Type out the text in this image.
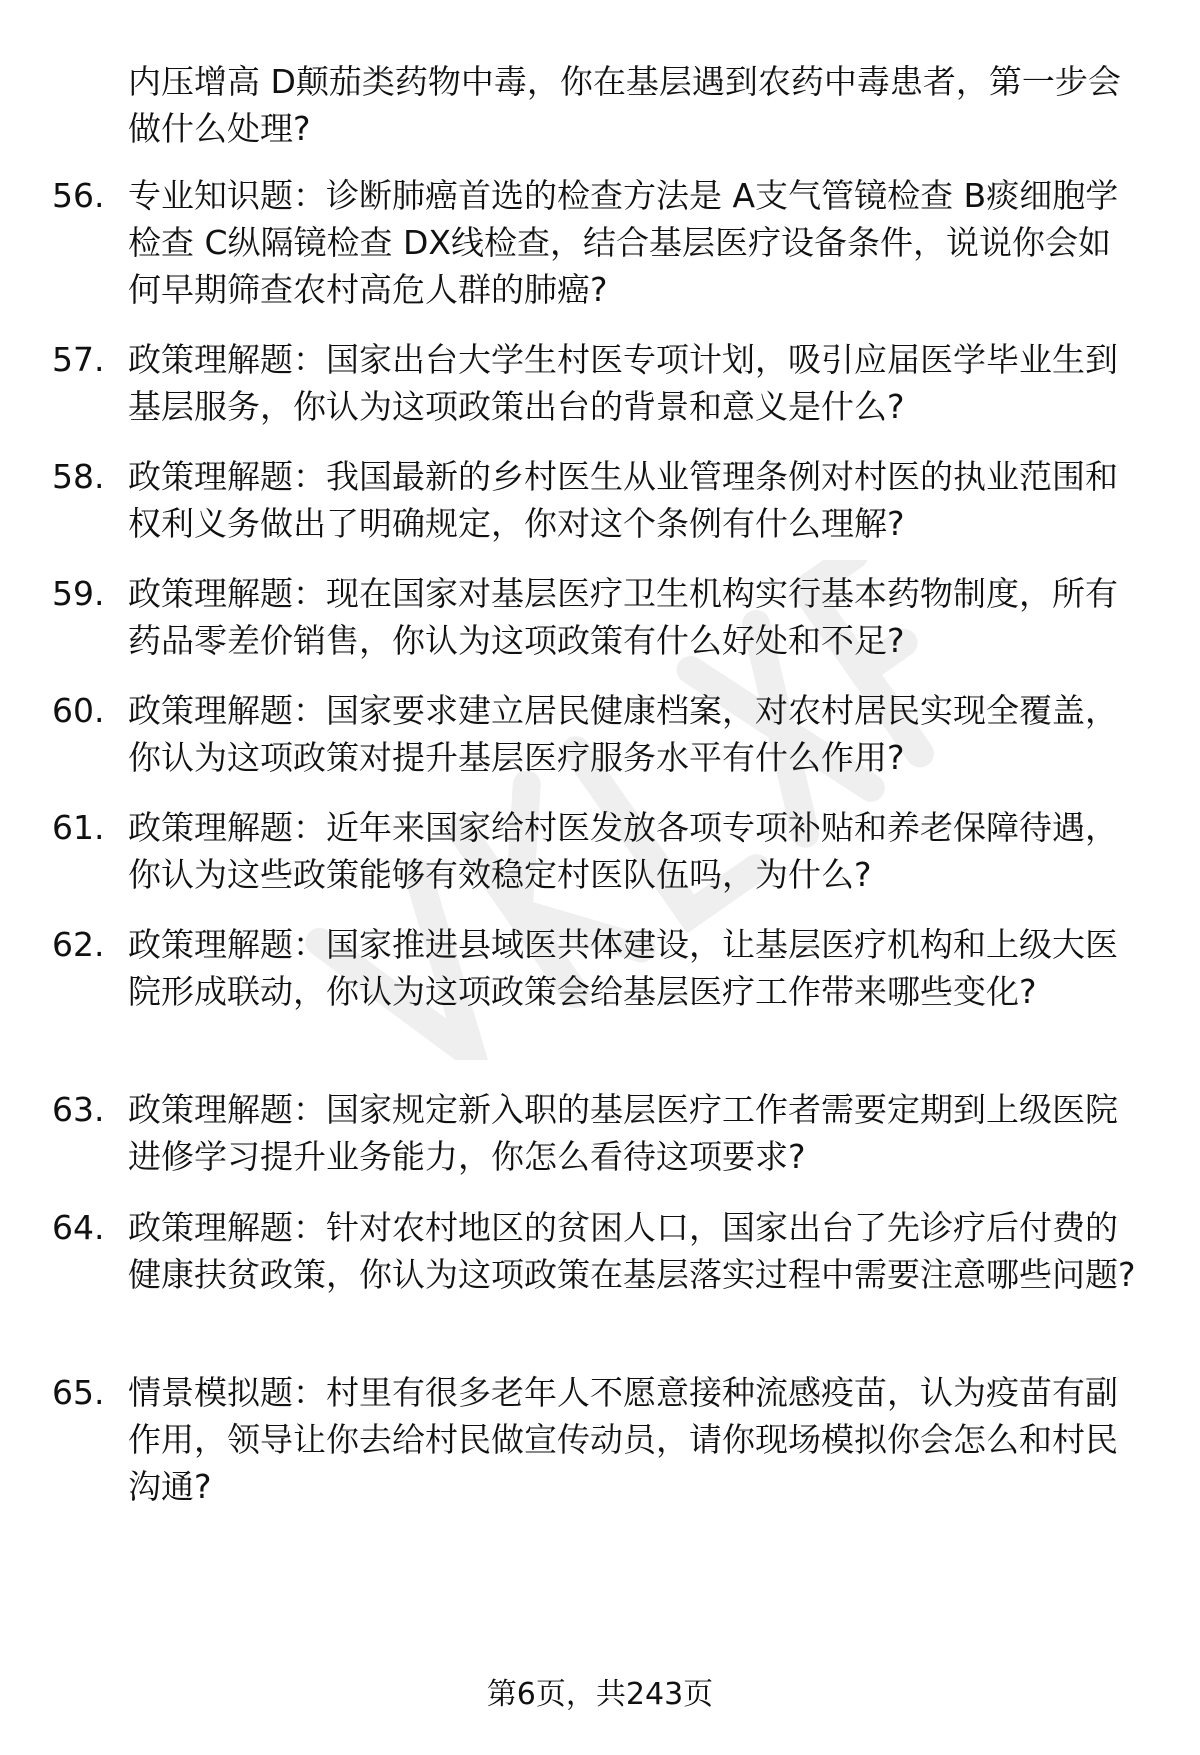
内压增高 D颠茄类药物中毒，你在基层遇到农药中毒患者，第一步会做什么处理?
56. 专业知识题：诊断肺癌首选的检查方法是 A支气管镜检查 B痰细胞学检查 C纵隔镜检查 DX线检查，结合基层医疗设备条件，说说你会如何早期筛查农村高危人群的肺癌?
57. 政策理解题：国家出台大学生村医专项计划，吸引应届医学毕业生到基层服务，你认为这项政策出台的背景和意义是什么?
58. 政策理解题：我国最新的乡村医生从业管理条例对村医的执业范围和权利义务做出了明确规定，你对这个条例有什么理解?
59. 政策理解题：现在国家对基层医疗卫生机构实行基本药物制度，所有药品零差价销售，你认为这项政策有什么好处和不足?
60. 政策理解题：国家要求建立居民健康档案，对农村居民实现全覆盖，你认为这项政策对提升基层医疗服务水平有什么作用?
61. 政策理解题：近年来国家给村医发放各项专项补贴和养老保障待遇，你认为这些政策能够有效稳定村医队伍吗，为什么?
62. 政策理解题：国家推进县域医共体建设，让基层医疗机构和上级大医院形成联动，你认为这项政策会给基层医疗工作带来哪些变化?
63. 政策理解题：国家规定新入职的基层医疗工作者需要定期到上级医院进修学习提升业务能力，你怎么看待这项要求?
64. 政策理解题：针对农村地区的贫困人口，国家出台了先诊疗后付费的健康扶贫政策，你认为这项政策在基层落实过程中需要注意哪些问题?
65. 情景模拟题：村里有很多老年人不愿意接种流感疫苗，认为疫苗有副作用，领导让你去给村民做宣传动员，请你现场模拟你会怎么和村民沟通?
第6页，共243页
